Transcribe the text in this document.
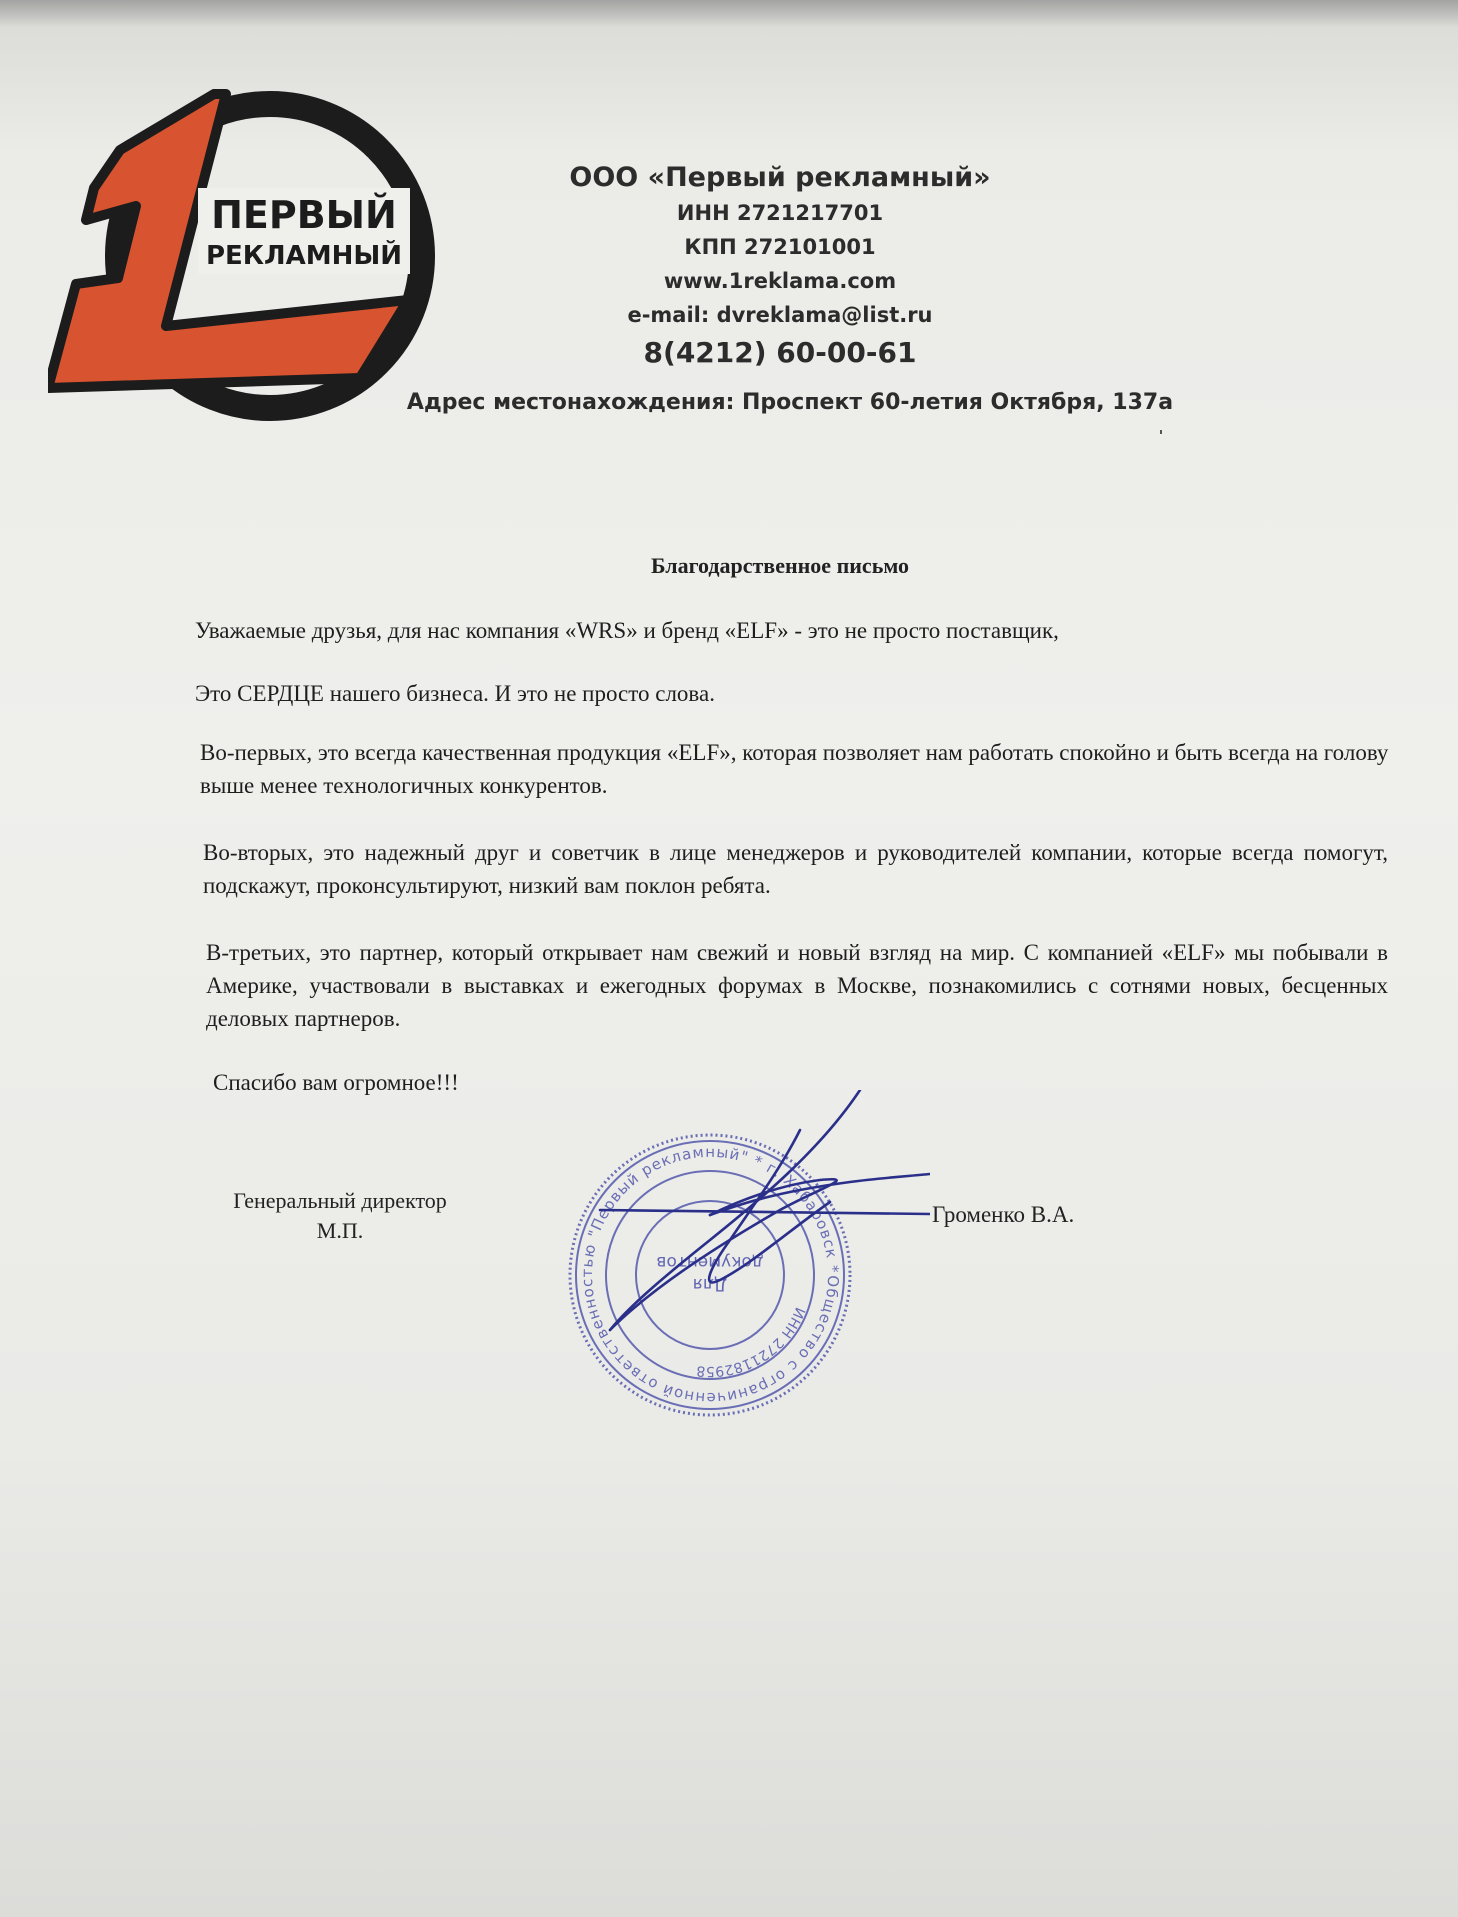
ПЕРВЫЙ
РЕКЛАМНЫЙ
ООО «Первый рекламный»
ИНН 2721217701
КПП 272101001
www.1reklama.com
e-mail: dvreklama@list.ru
8(4212) 60-00-61
Адрес местонахождения: Проспект 60-летия Октября, 137а
Благодарственное письмо
Уважаемые друзья, для нас компания «WRS» и бренд «ELF» - это не просто поставщик,
Это СЕРДЦЕ нашего бизнеса. И это не просто слова.
Во-первых, это всегда качественная продукция «ELF», которая позволяет нам работать спокойно и быть всегда на голову выше менее технологичных конкурентов.
Во-вторых, это надежный друг и советчик в лице менеджеров и руководителей компании, которые всегда помогут, подскажут, проконсультируют, низкий вам поклон ребята.
В-третьих, это партнер, который открывает нам свежий и новый взгляд на мир. С компанией «ELF» мы побывали в Америке, участвовали в выставках и ежегодных форумах в Москве, познакомились с сотнями новых, бесценных деловых партнеров.
Спасибо вам огромное!!!
Генеральный директор
М.П.
Громенко В.А.
Общество с ограниченной ответственностью "Первый рекламный" * г. Хабаровск *
ИНН 2721182958
Для
документов
